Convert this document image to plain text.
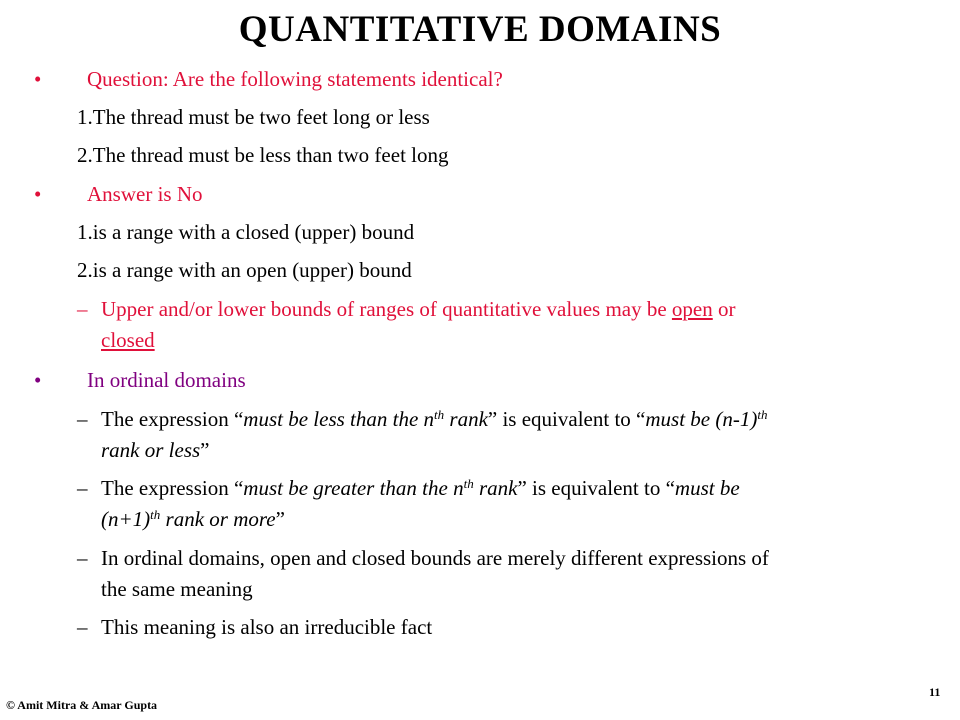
QUANTITATIVE DOMAINS
• Question: Are the following statements identical?
1.The thread must be two feet long or less
2.The thread must be less than two feet long
• Answer is No
1.is a range with a closed (upper) bound
2.is a range with an open (upper) bound
– Upper and/or lower bounds of ranges of quantitative values may be open or
closed
• In ordinal domains
– The expression “must be less than the $n^{th}$ rank” is equivalent to “must be $(n-1)^{th}$
rank or less”
– The expression “must be greater than the $n^{th}$ rank” is equivalent to “must be
$(n+1)^{th}$ rank or more”
– In ordinal domains, open and closed bounds are merely different expressions of
the same meaning
– This meaning is also an irreducible fact
© Amit Mitra & Amar Gupta
11
